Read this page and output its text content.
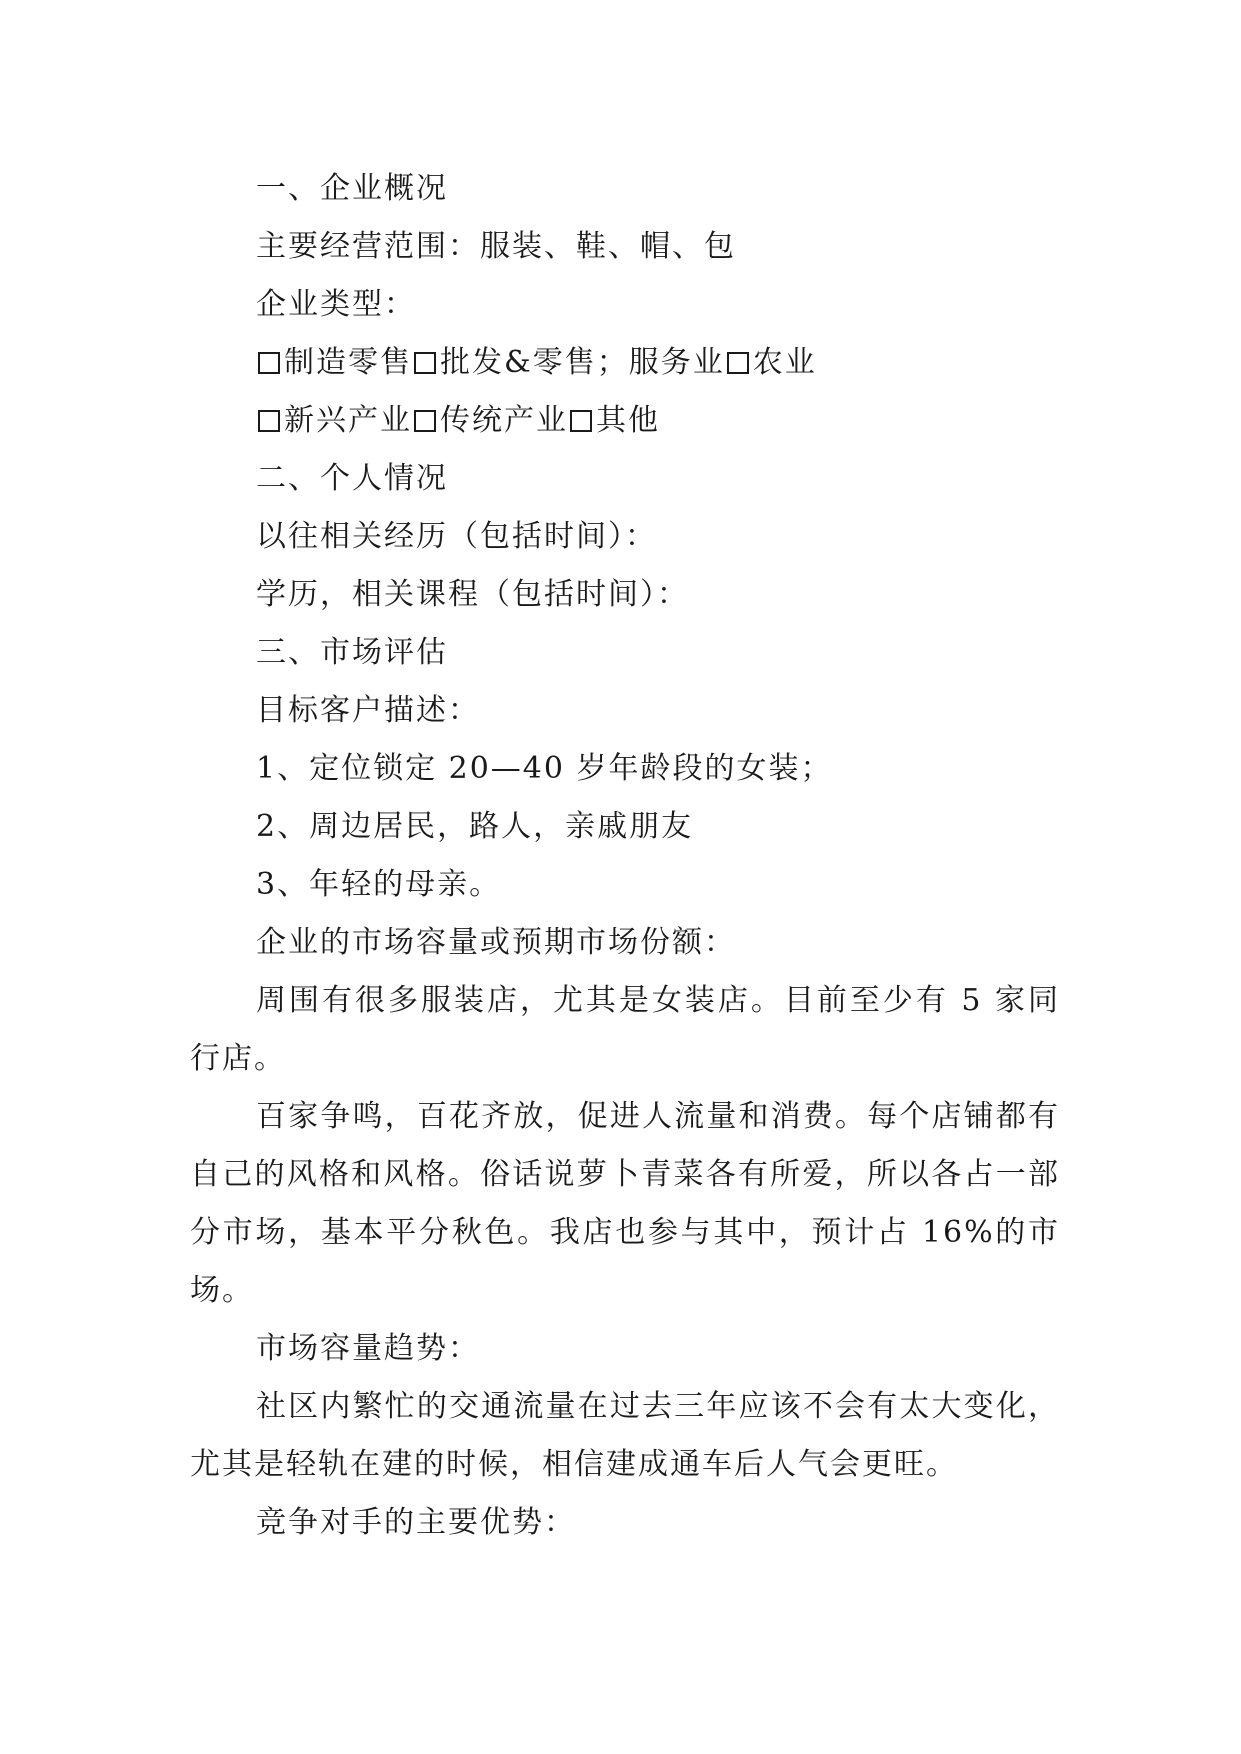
一、企业概况

主要经营范围：服装、鞋、帽、包

企业类型：

制造零售 批发&零售；服务业 农业

新兴产业 传统产业 其他

二、个人情况

以往相关经历（包括时间）：

学历，相关课程（包括时间）：

三、市场评估

目标客户描述：

1、定位锁定 20—40 岁年龄段的女装；

2、周边居民，路人，亲戚朋友

3、年轻的母亲。

企业的市场容量或预期市场份额：

周围有很多服装店，尤其是女装店。目前至少有 5 家同行店。

百家争鸣，百花齐放，促进人流量和消费。每个店铺都有自己的风格和风格。俗话说萝卜青菜各有所爱，所以各占一部分市场，基本平分秋色。我店也参与其中，预计占 16%的市场。

市场容量趋势：

社区内繁忙的交通流量在过去三年应该不会有太大变化，尤其是轻轨在建的时候，相信建成通车后人气会更旺。

竞争对手的主要优势：
